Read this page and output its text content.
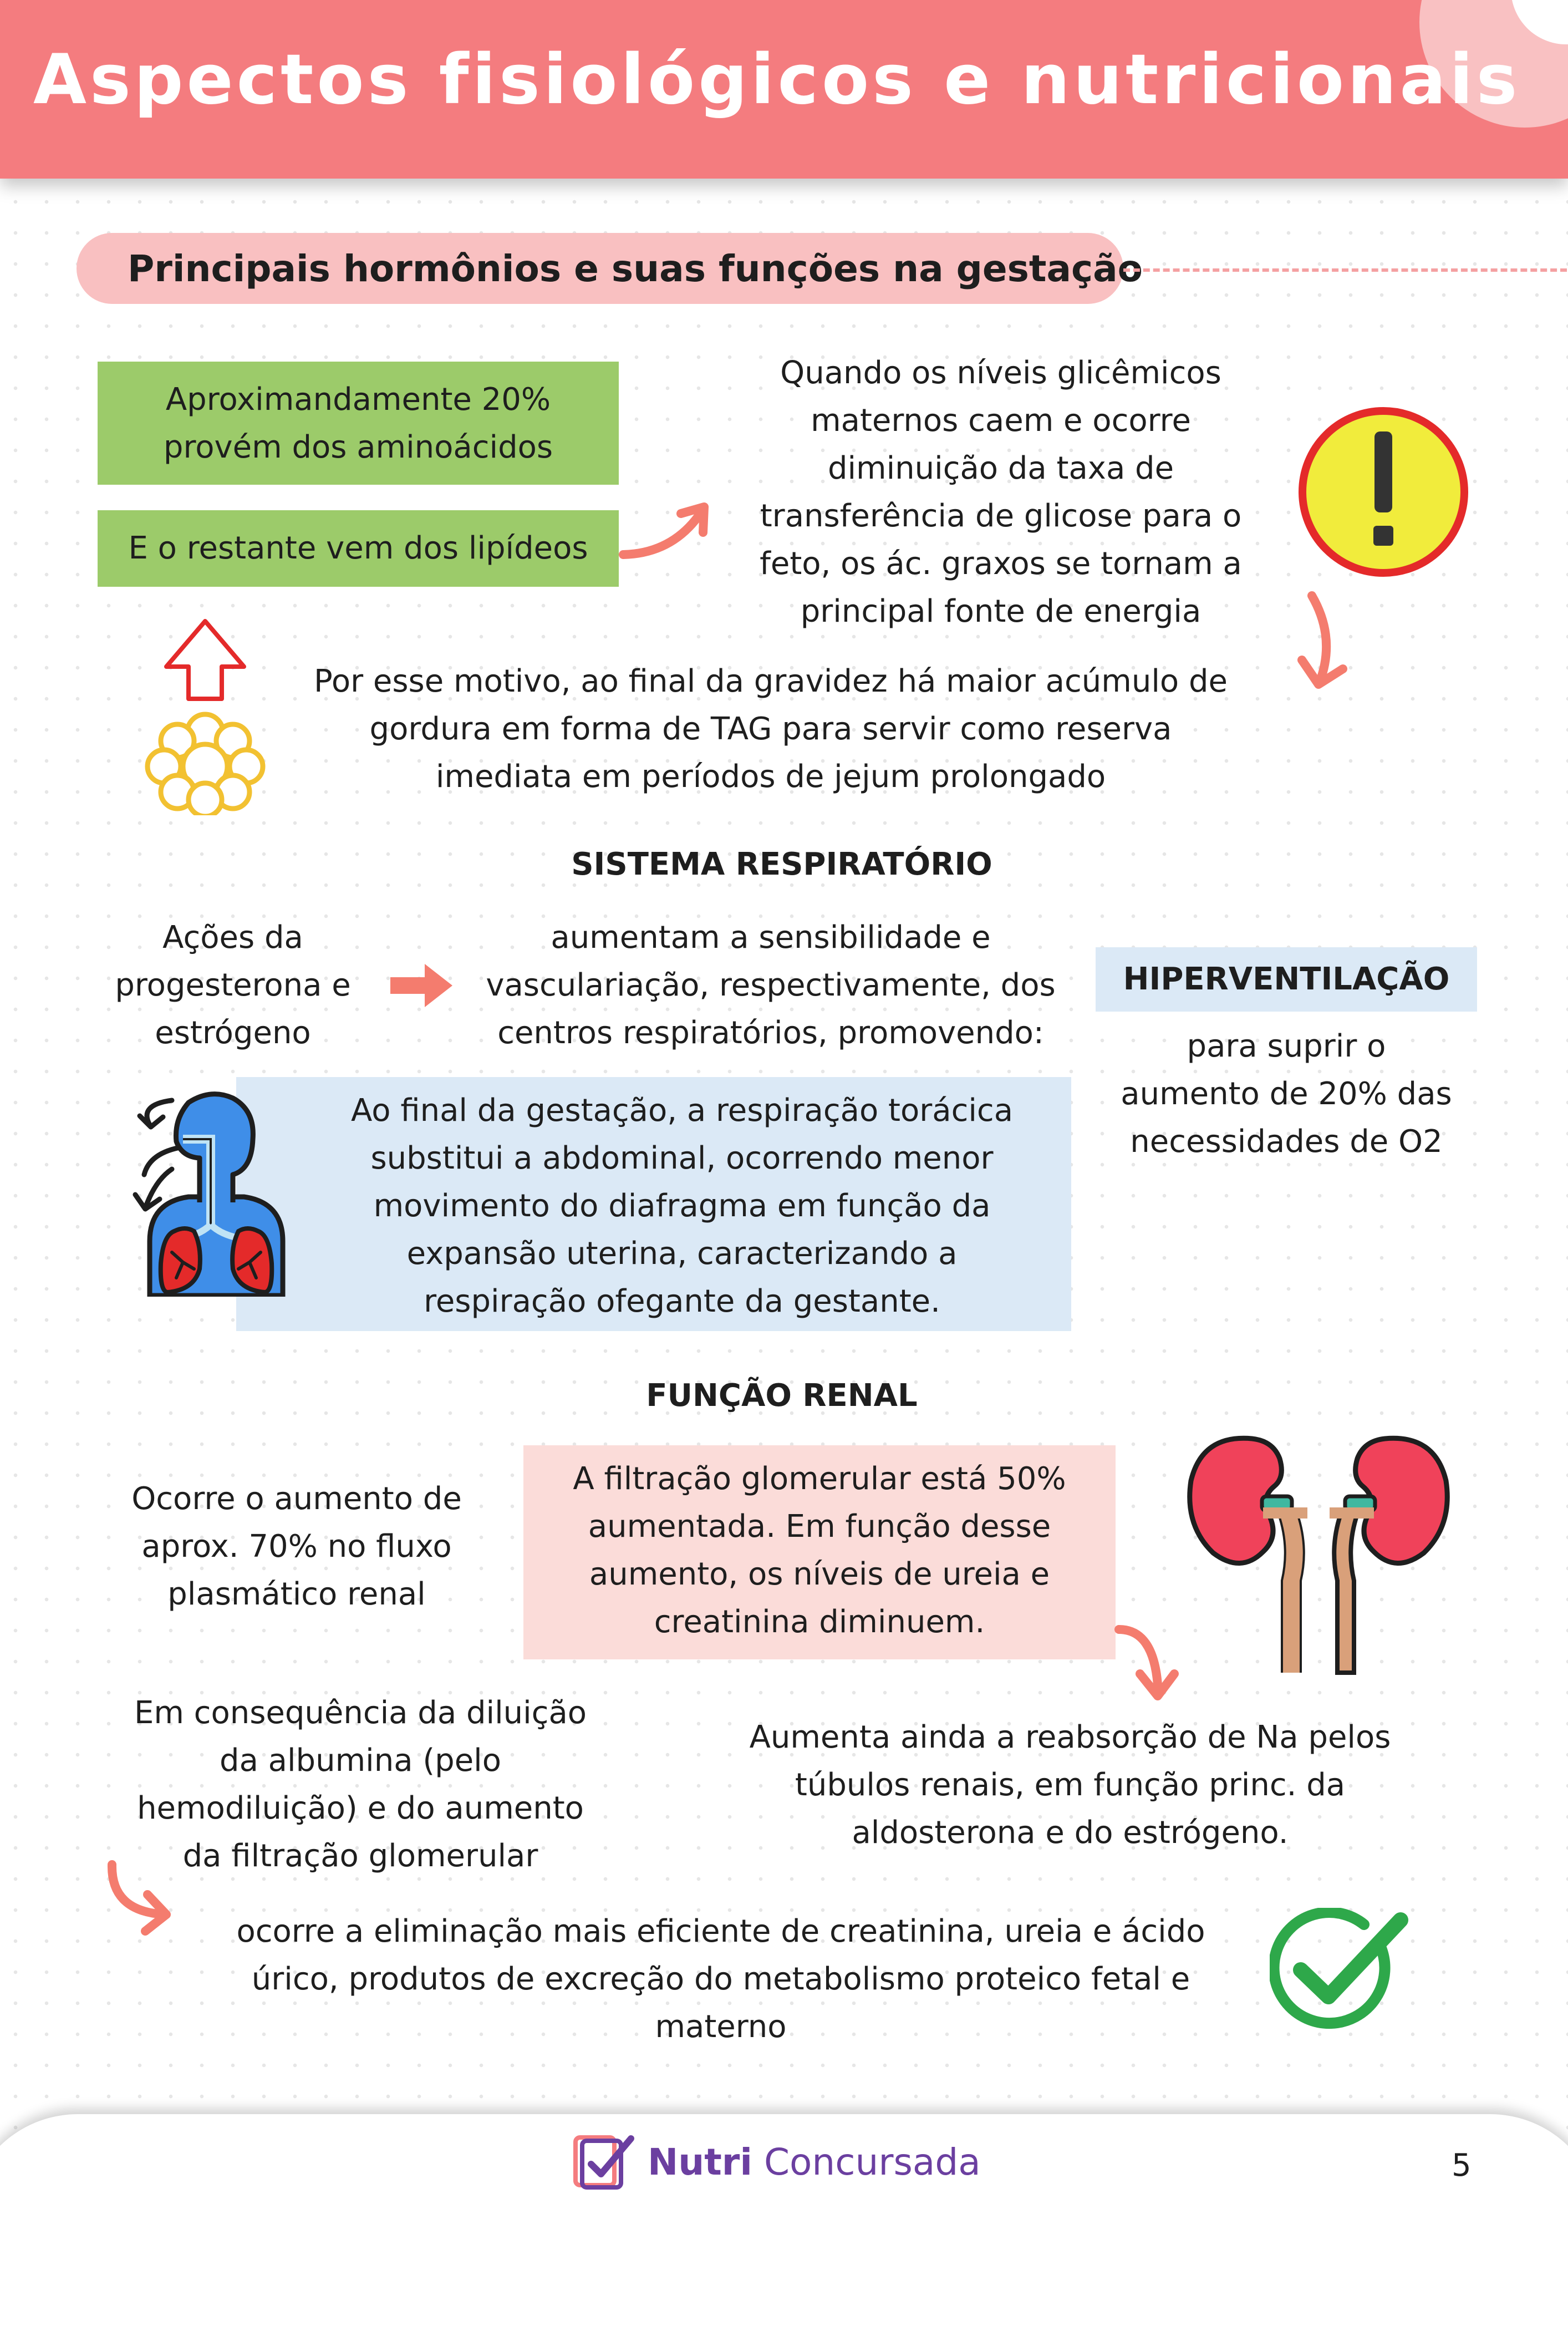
Aspectos fisiológicos e nutricionais
Principais hormônios e suas funções na gestação
Aproximandamente 20%
provém dos aminoácidos
E o restante vem dos lipídeos
Quando os níveis glicêmicos
maternos caem e ocorre
diminuição da taxa de
transferência de glicose para o
feto, os ác. graxos se tornam a
principal fonte de energia
Por esse motivo, ao final da gravidez há maior acúmulo de
gordura em forma de TAG para servir como reserva
imediata em períodos de jejum prolongado
SISTEMA RESPIRATÓRIO
Ações da
progesterona e
estrógeno
aumentam a sensibilidade e
vasculariação, respectivamente, dos
centros respiratórios, promovendo:
HIPERVENTILAÇÃO
para suprir o
aumento de 20% das
necessidades de O2
Ao final da gestação, a respiração torácica
substitui a abdominal, ocorrendo menor
movimento do diafragma em função da
expansão uterina, caracterizando a
respiração ofegante da gestante.
FUNÇÃO RENAL
Ocorre o aumento de
aprox. 70% no fluxo
plasmático renal
A filtração glomerular está 50%
aumentada. Em função desse
aumento, os níveis de ureia e
creatinina diminuem.
Em consequência da diluição
da albumina (pelo
hemodiluição) e do aumento
da filtração glomerular
Aumenta ainda a reabsorção de Na pelos
túbulos renais, em função princ. da
aldosterona e do estrógeno.
ocorre a eliminação mais eficiente de creatinina, ureia e ácido
úrico, produtos de excreção do metabolismo proteico fetal e
materno
Nutri Concursada	5
